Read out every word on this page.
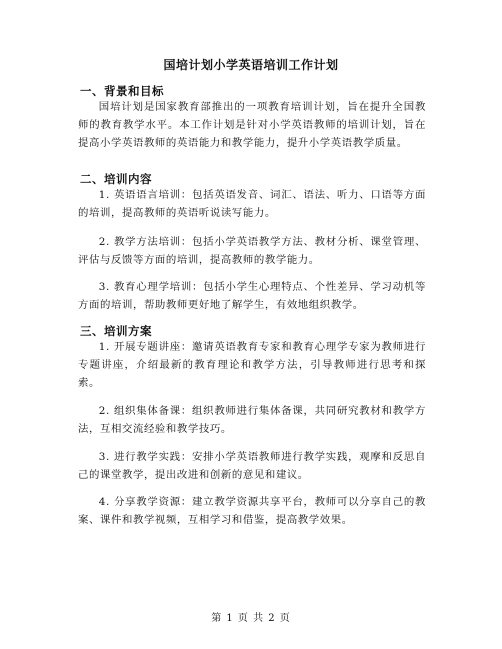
国培计划小学英语培训工作计划
一、背景和目标

国培计划是国家教育部推出的一项教育培训计划，旨在提升全国教师的教育教学水平。本工作计划是针对小学英语教师的培训计划，旨在提高小学英语教师的英语能力和教学能力，提升小学英语教学质量。

二、培训内容

1. 英语语言培训：包括英语发音、词汇、语法、听力、口语等方面的培训，提高教师的英语听说读写能力。

2. 教学方法培训：包括小学英语教学方法、教材分析、课堂管理、评估与反馈等方面的培训，提高教师的教学能力。

3. 教育心理学培训：包括小学生心理特点、个性差异、学习动机等方面的培训，帮助教师更好地了解学生，有效地组织教学。

三、培训方案

1. 开展专题讲座：邀请英语教育专家和教育心理学专家为教师进行专题讲座，介绍最新的教育理论和教学方法，引导教师进行思考和探索。

2. 组织集体备课：组织教师进行集体备课，共同研究教材和教学方法，互相交流经验和教学技巧。

3. 进行教学实践：安排小学英语教师进行教学实践，观摩和反思自己的课堂教学，提出改进和创新的意见和建议。

4. 分享教学资源：建立教学资源共享平台，教师可以分享自己的教案、课件和教学视频，互相学习和借鉴，提高教学效果。

第 1 页 共 2 页
